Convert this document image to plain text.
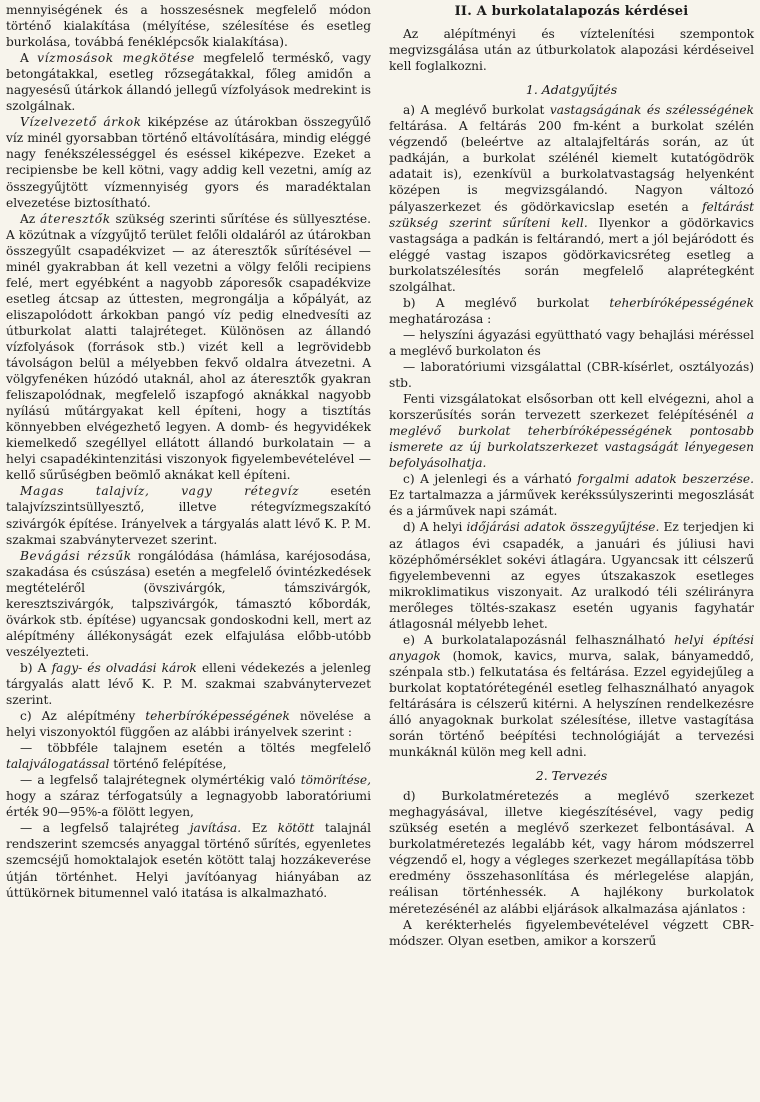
mennyiségének és a hosszesésnek megfelelő módon történő kialakítása (mélyítése, szélesítése és esetleg burkolása, továbbá fenéklépcsők kialakítása).

A vízmosások megkötése megfelelő terméskő, vagy betongátakkal, esetleg rőzsegátakkal, főleg amidőn a nagyesésű útárkok állandó jellegű vízfolyások medrekint is szolgálnak.

Vízelvezető árkok kiképzése az útárokban összegyűlő víz minél gyorsabban történő eltávolítására, mindig eléggé nagy fenékszélességgel és eséssel kiképezve. Ezeket a recipiensbe be kell kötni, vagy addig kell vezetni, amíg az összegyűjtött vízmennyiség gyors és maradéktalan elvezetése biztosítható.

Az áteresztők szükség szerinti sűrítése és süllyesztése. A közútnak a vízgyűjtő terület felőli oldaláról az útárokban összegyűlt csapadékvizet — az áteresztők sűrítésével — minél gyakrabban át kell vezetni a völgy felőli recipiens felé, mert egyébként a nagyobb záporesők csapadékvize esetleg átcsap az úttesten, megrongálja a kőpályát, az eliszapolódott árkokban pangó víz pedig elnedvesíti az útburkolat alatti talajréteget. Különösen az állandó vízfolyások (források stb.) vizét kell a legrövidebb távolságon belül a mélyebben fekvő oldalra átvezetni. A völgyfenéken húzódó utaknál, ahol az áteresztők gyakran feliszapolódnak, megfelelő iszapfogó aknákkal nagyobb nyílású műtárgyakat kell építeni, hogy a tisztítás könnyebben elvégezhető legyen. A domb- és hegyvidékek kiemelkedő szegéllyel ellátott állandó burkolatain — a helyi csapadékintenzitási viszonyok figyelembevételével — kellő sűrűségben beömlő aknákat kell építeni.

Magas talajvíz, vagy rétegvíz esetén talajvízszintsüllyesztő, illetve rétegvízmegszakító szivárgók építése. Irányelvek a tárgyalás alatt lévő K. P. M. szakmai szabványtervezet szerint.

Bevágási rézsűk rongálódása (hámlása, karéjosodása, szakadása és csúszása) esetén a megfelelő óvintézkedések megtételéről (övszivárgók, támszivárgók, keresztszivárgók, talpszivárgók, támasztó kőbordák, övárkok stb. építése) ugyancsak gondoskodni kell, mert az alépítmény állékonyságát ezek elfajulása előbb-utóbb veszélyezteti.

b) A fagy- és olvadási károk elleni védekezés a jelenleg tárgyalás alatt lévő K. P. M. szakmai szabványtervezet szerint.

c) Az alépítmény teherbíróképességének növelése a helyi viszonyoktól függően az alábbi irányelvek szerint :

— többféle talajnem esetén a töltés megfelelő talajválogatással történő felépítése,

— a legfelső talajrétegnek olymértékig való tömörítése, hogy a száraz térfogatsúly a legnagyobb laboratóriumi érték 90—95%-a fölött legyen,

— a legfelső talajréteg javítása. Ez kötött talajnál rendszerint szemcsés anyaggal történő sűrítés, egyenletes szemcséjű homoktalajok esetén kötött talaj hozzákeverése útján történhet. Helyi javítóanyag hiányában az úttükörnek bitumennel való itatása is alkalmazható.

II. A burkolatalapozás kérdései

Az alépítményi és víztelenítési szempontok megvizsgálása után az útburkolatok alapozási kérdéseivel kell foglalkozni.

1. Adatgyűjtés

a) A meglévő burkolat vastagságának és szélességének feltárása. A feltárás 200 fm-ként a burkolat szélén végzendő (beleértve az altalajfeltárás során, az út padkáján, a burkolat szélénél kiemelt kutatógödrök adatait is), ezenkívül a burkolatvastagság helyenként középen is megvizsgálandó. Nagyon változó pályaszerkezet és gödörkavicslap esetén a feltárást szükség szerint sűríteni kell. Ilyenkor a gödörkavics vastagsága a padkán is feltárandó, mert a jól bejáródott és eléggé vastag iszapos gödörkavicsréteg esetleg a burkolatszélesítés során megfelelő alaprétegként szolgálhat.

b) A meglévő burkolat teherbíróképességének meghatározása :

— helyszíni ágyazási együttható vagy behajlási méréssel a meglévő burkolaton és

— laboratóriumi vizsgálattal (CBR-kísérlet, osztályozás) stb.

Fenti vizsgálatokat elsősorban ott kell elvégezni, ahol a korszerűsítés során tervezett szerkezet felépítésénél a meglévő burkolat teherbíróképességének pontosabb ismerete az új burkolatszerkezet vastagságát lényegesen befolyásolhatja.

c) A jelenlegi és a várható forgalmi adatok beszerzése. Ez tartalmazza a járművek kerékssúlyszerinti megoszlását és a járművek napi számát.

d) A helyi időjárási adatok összegyűjtése. Ez terjedjen ki az átlagos évi csapadék, a januári és júliusi havi középhőmérséklet sokévi átlagára. Ugyancsak itt célszerű figyelembevenni az egyes útszakaszok esetleges mikroklimatikus viszonyait. Az uralkodó téli szélirányra merőleges töltés-szakasz esetén ugyanis fagyhatár átlagosnál mélyebb lehet.

e) A burkolatalapozásnál felhasználható helyi építési anyagok (homok, kavics, murva, salak, bányameddő, szénpala stb.) felkutatása és feltárása. Ezzel egyidejűleg a burkolat koptatórétegénél esetleg felhasználható anyagok feltárására is célszerű kitérni. A helyszínen rendelkezésre álló anyagoknak burkolat szélesítése, illetve vastagítása során történő beépítési technológiáját a tervezési munkáknál külön meg kell adni.

2. Tervezés

d) Burkolatméretezés a meglévő szerkezet meghagyásával, illetve kiegészítésével, vagy pedig szükség esetén a meglévő szerkezet felbontásával. A burkolatméretezés legalább két, vagy három módszerrel végzendő el, hogy a végleges szerkezet megállapítása több eredmény összehasonlítása és mérlegelése alapján, reálisan történhessék. A hajlékony burkolatok méretezésénél az alábbi eljárások alkalmazása ajánlatos :

A kerékterhelés figyelembevételével végzett CBR-módszer. Olyan esetben, amikor a korszerű
